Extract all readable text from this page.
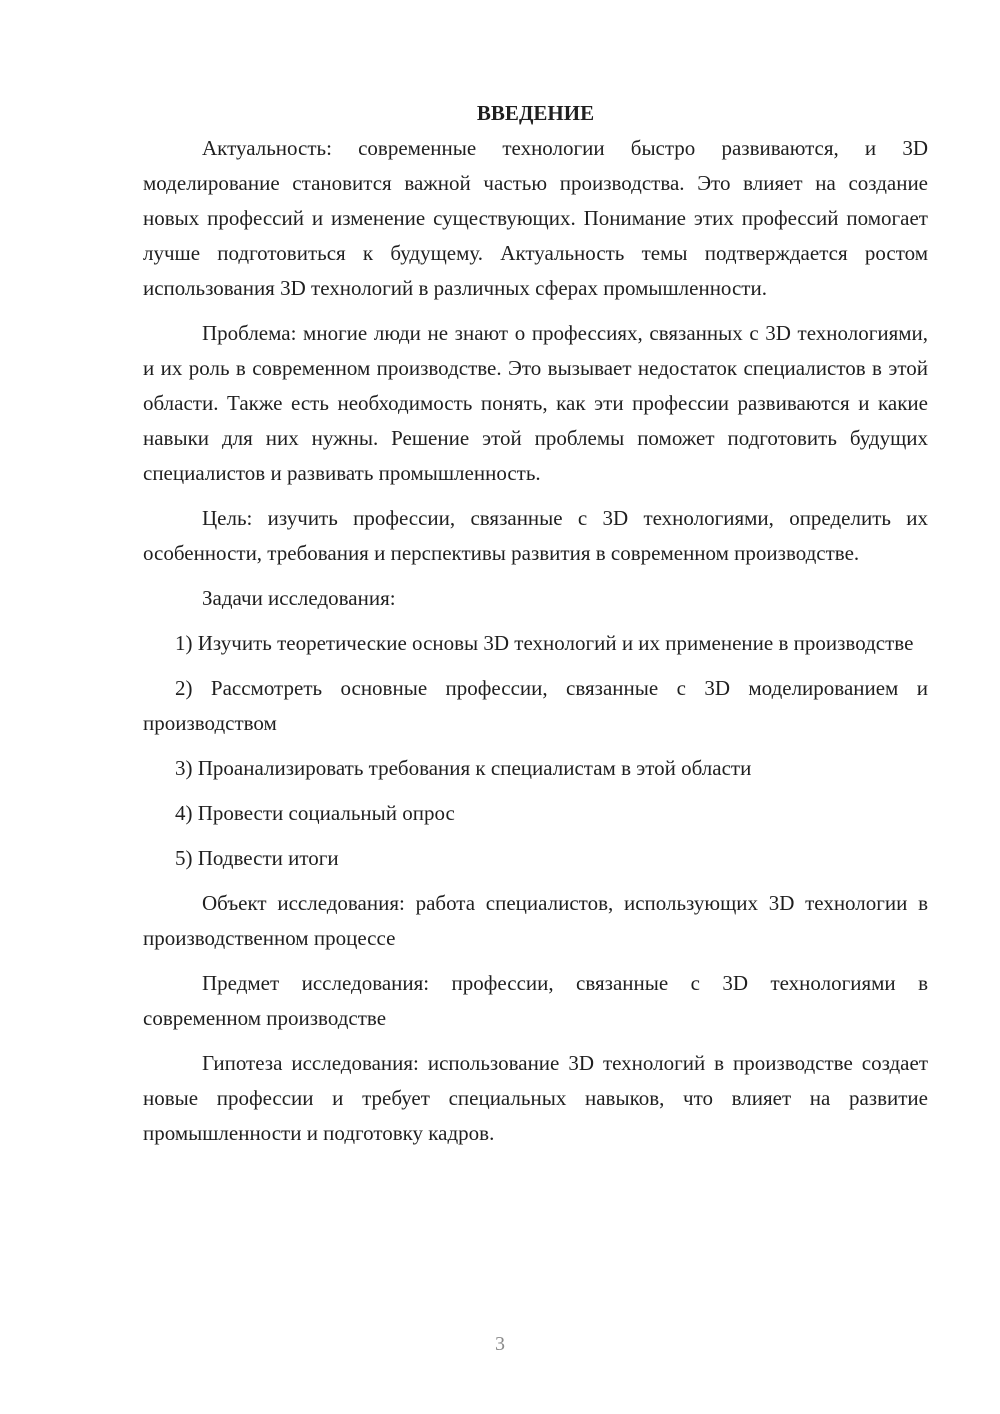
ВВЕДЕНИЕ

Актуальность: современные технологии быстро развиваются, и 3D моделирование становится важной частью производства. Это влияет на создание новых профессий и изменение существующих. Понимание этих профессий помогает лучше подготовиться к будущему. Актуальность темы подтверждается ростом использования 3D технологий в различных сферах промышленности.

Проблема: многие люди не знают о профессиях, связанных с 3D технологиями, и их роль в современном производстве. Это вызывает недостаток специалистов в этой области. Также есть необходимость понять, как эти профессии развиваются и какие навыки для них нужны. Решение этой проблемы поможет подготовить будущих специалистов и развивать промышленность.

Цель: изучить профессии, связанные с 3D технологиями, определить их особенности, требования и перспективы развития в современном производстве.

Задачи исследования:

1) Изучить теоретические основы 3D технологий и их применение в производстве

2) Рассмотреть основные профессии, связанные с 3D моделированием и производством

3) Проанализировать требования к специалистам в этой области

4) Провести социальный опрос

5) Подвести итоги

Объект исследования: работа специалистов, использующих 3D технологии в производственном процессе

Предмет исследования: профессии, связанные с 3D технологиями в современном производстве

Гипотеза исследования: использование 3D технологий в производстве создает новые профессии и требует специальных навыков, что влияет на развитие промышленности и подготовку кадров.

3
